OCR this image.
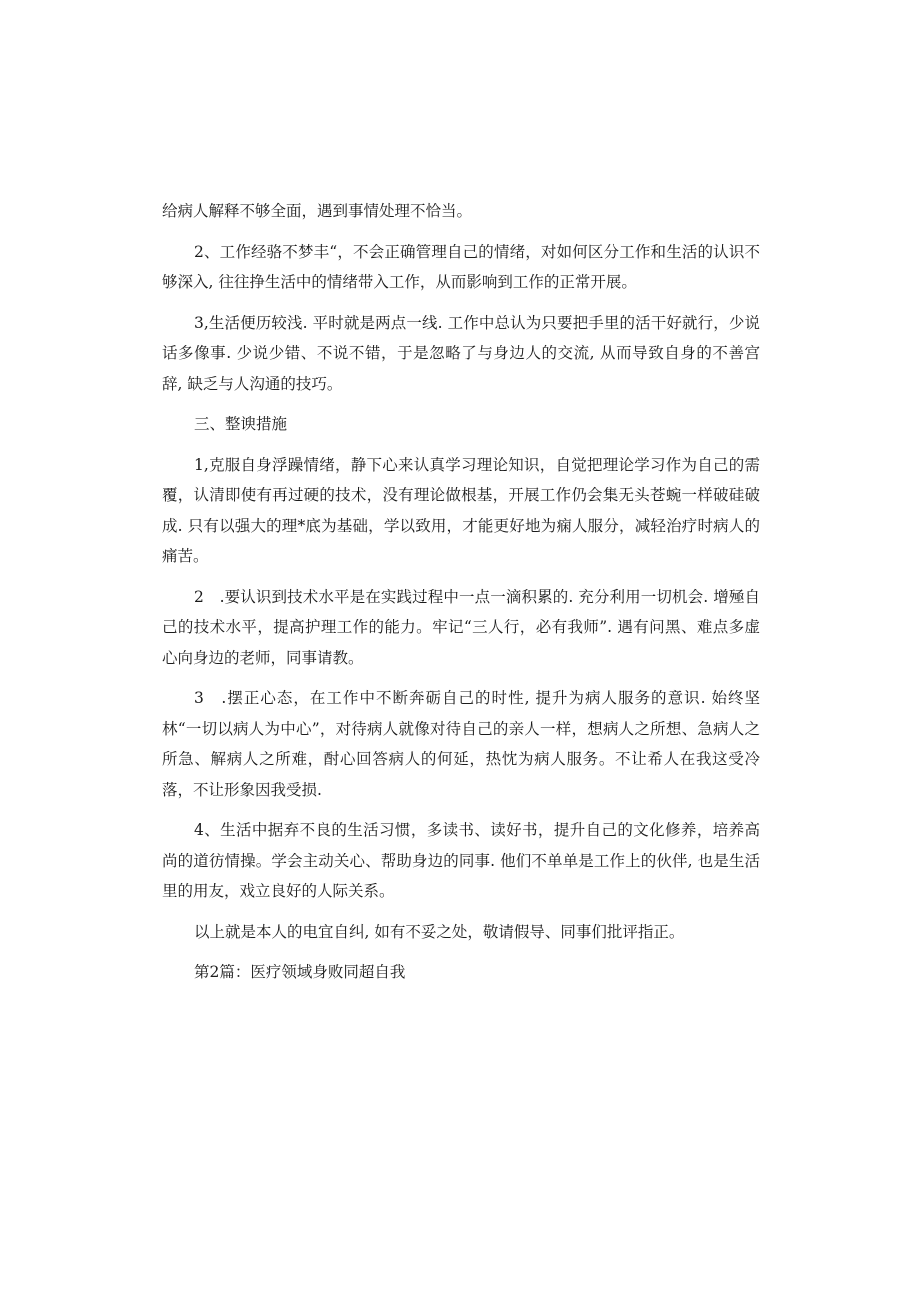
给病人解释不够全面，遇到事情处理不恰当。

2、工作经骆不梦丰“，不会正确管理自己的情绪，对如何区分工作和生活的认识不够深入, 往往挣生活中的情绪带入工作，从而影响到工作的正常开展。

3,生活便历较浅. 平时就是两点一线. 工作中总认为只要把手里的活干好就行，少说话多像事. 少说少错、不说不错，于是忽略了与身边人的交流, 从而导致自身的不善宫辞, 缺乏与人沟通的技巧。

三、整谀措施

1,克服自身浮躁情绪，静下心来认真学习理论知识，自觉把理论学习作为自己的需覆，认清即使有再过硬的技术，没有理论做根基，开展工作仍会集无头苍蜿一样破硅破成. 只有以强大的理*底为基础，学以致用，才能更好地为痫人服分，减轻治疗时病人的痛苦。

2　.要认识到技术水平是在实践过程中一点一滴积累的. 充分利用一切机会. 增殛自己的技术水平，提高护理工作的能力。牢记“三人行，必有我师”. 遇有问黑、难点多虚心向身边的老师，同事请教。

3　.摆正心态，在工作中不断奔砺自己的时性, 提升为病人服务的意识. 始终坚林“一切以病人为中心”，对待病人就像对待自己的亲人一样，想病人之所想、急病人之所急、解病人之所难，酎心回答病人的何延，热忱为病人服务。不让希人在我这受冷落，不让形象因我受损.

4、生活中据弃不良的生活习惯，多读书、读好书，提升自己的文化修养，培养高尚的道彷情操。学会主动关心、帮助身边的同事. 他们不单单是工作上的伙伴, 也是生活里的用友，戏立良好的人际关系。

以上就是本人的电宜自纠, 如有不妥之处，敬请假导、同事们批评指正。

第2篇：医疗领域身败同超自我
